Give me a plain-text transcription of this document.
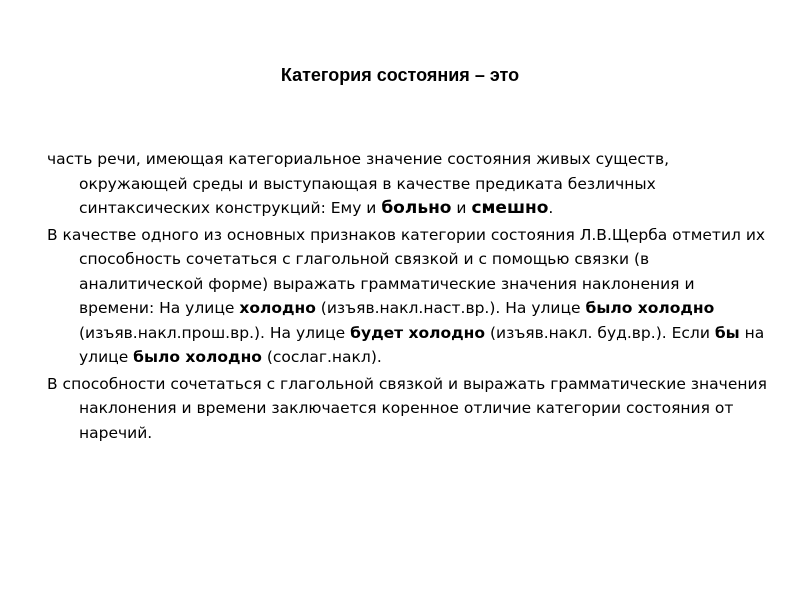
Категория состояния – это

часть речи, имеющая категориальное значение состояния живых существ, окружающей среды и выступающая в качестве предиката безличных синтаксических конструкций: Ему и больно и смешно.

В качестве одного из основных признаков категории состояния Л.В.Щерба отметил их способность сочетаться с глагольной связкой и с помощью связки (в аналитической форме) выражать грамматические значения наклонения и времени: На улице холодно (изъяв.накл.наст.вр.). На улице было холодно (изъяв.накл.прош.вр.). На улице будет холодно (изъяв.накл. буд.вр.). Если бы на улице было холодно (сослаг.накл).

В способности сочетаться с глагольной связкой и выражать грамматические значения наклонения и времени заключается коренное отличие категории состояния от наречий.
